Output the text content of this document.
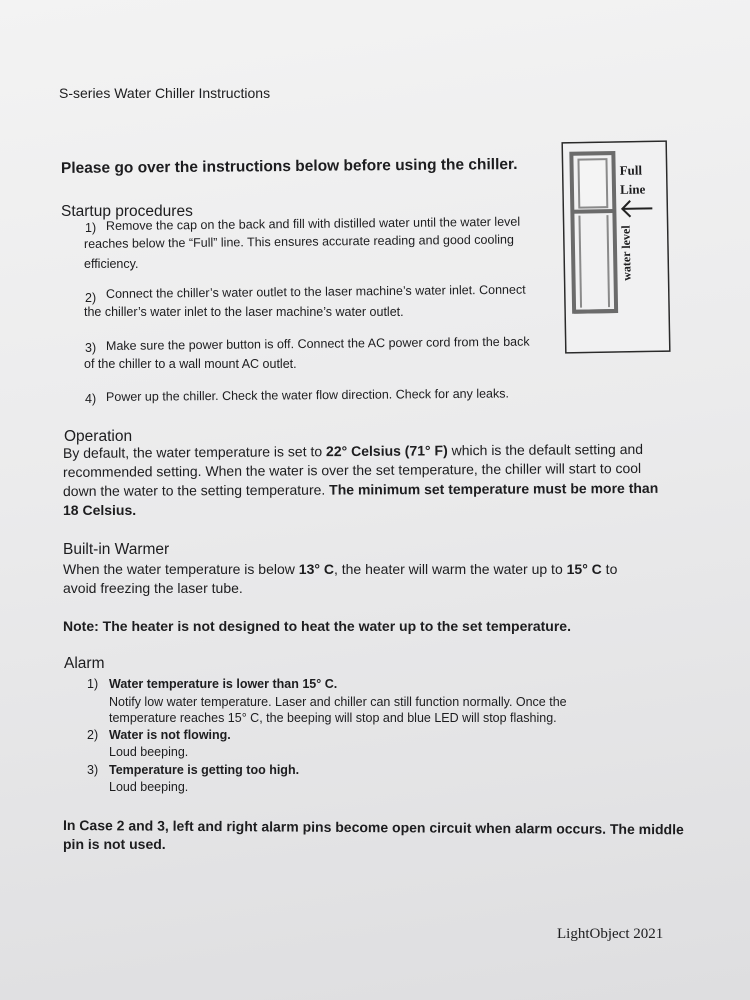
S-series Water Chiller Instructions
Please go over the instructions below before using the chiller.	Full
Line
water level
Startup procedures
1) Remove the cap on the back and fill with distilled water until the water level
reaches below the “Full” line. This ensures accurate reading and good cooling
efficiency.
2) Connect the chiller’s water outlet to the laser machine’s water inlet. Connect
the chiller’s water inlet to the laser machine’s water outlet.
3) Make sure the power button is off. Connect the AC power cord from the back
of the chiller to a wall mount AC outlet.
4) Power up the chiller. Check the water flow direction. Check for any leaks.
Operation
By default, the water temperature is set to 22° Celsius (71° F) which is the default setting and
recommended setting. When the water is over the set temperature, the chiller will start to cool
down the water to the setting temperature. The minimum set temperature must be more than
18 Celsius.
Built-in Warmer
When the water temperature is below 13° C, the heater will warm the water up to 15° C to
avoid freezing the laser tube.
Note: The heater is not designed to heat the water up to the set temperature.
Alarm
1) Water temperature is lower than 15° C.
Notify low water temperature. Laser and chiller can still function normally. Once the
temperature reaches 15° C, the beeping will stop and blue LED will stop flashing.
2) Water is not flowing.
Loud beeping.
3) Temperature is getting too high.
Loud beeping.
In Case 2 and 3, left and right alarm pins become open circuit when alarm occurs. The middle
pin is not used.
LightObject 2021
